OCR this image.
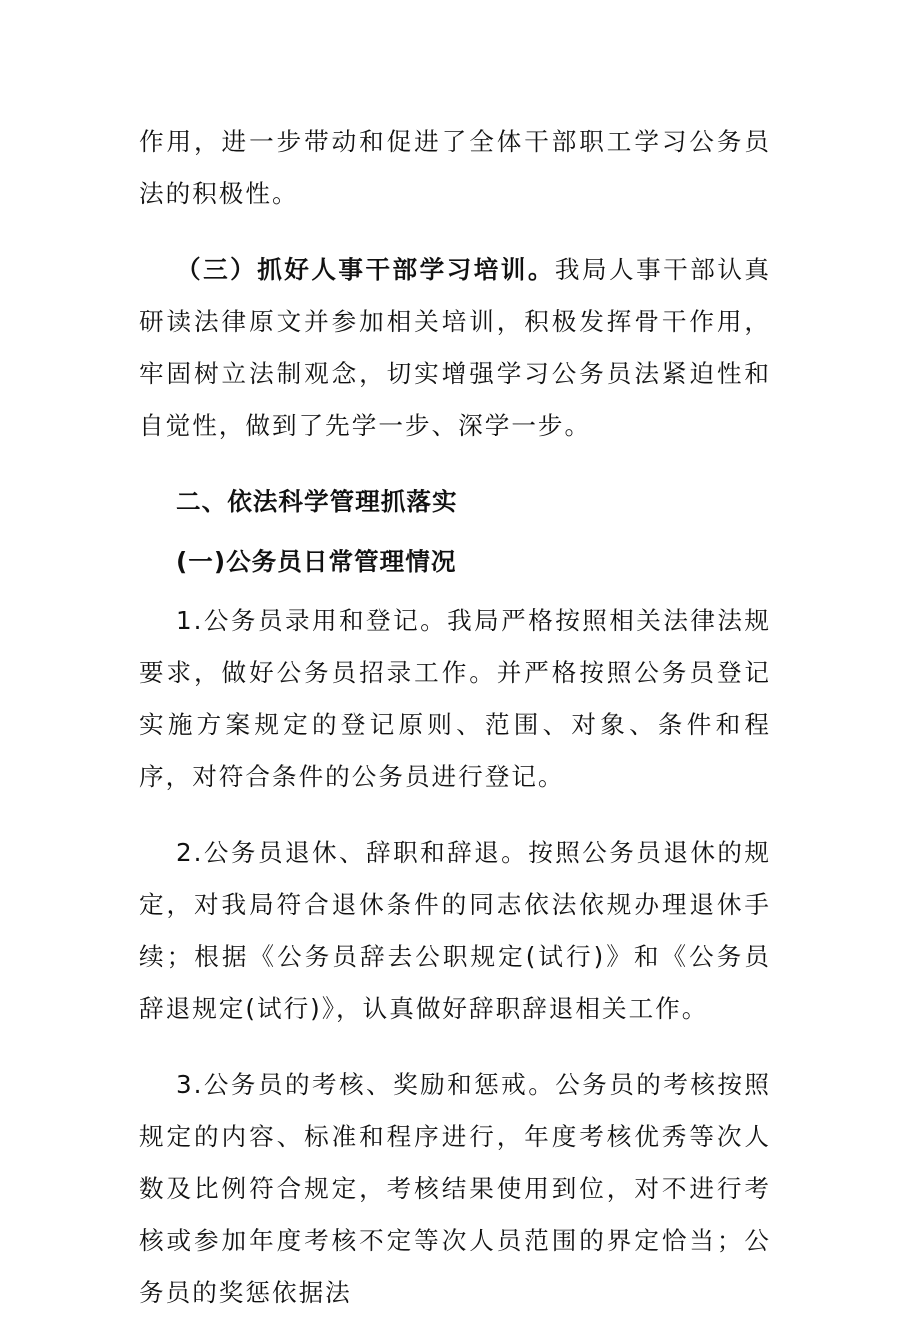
作用，进一步带动和促进了全体干部职工学习公务员法的积极性。

（三）抓好人事干部学习培训。我局人事干部认真研读法律原文并参加相关培训，积极发挥骨干作用，牢固树立法制观念，切实增强学习公务员法紧迫性和自觉性，做到了先学一步、深学一步。

二、依法科学管理抓落实

(一)公务员日常管理情况

1.公务员录用和登记。我局严格按照相关法律法规要求，做好公务员招录工作。并严格按照公务员登记实施方案规定的登记原则、范围、对象、条件和程序，对符合条件的公务员进行登记。

2.公务员退休、辞职和辞退。按照公务员退休的规定，对我局符合退休条件的同志依法依规办理退休手续；根据《公务员辞去公职规定(试行)》和《公务员辞退规定(试行)》，认真做好辞职辞退相关工作。

3.公务员的考核、奖励和惩戒。公务员的考核按照规定的内容、标准和程序进行，年度考核优秀等次人数及比例符合规定，考核结果使用到位，对不进行考核或参加年度考核不定等次人员范围的界定恰当；公务员的奖惩依据法
